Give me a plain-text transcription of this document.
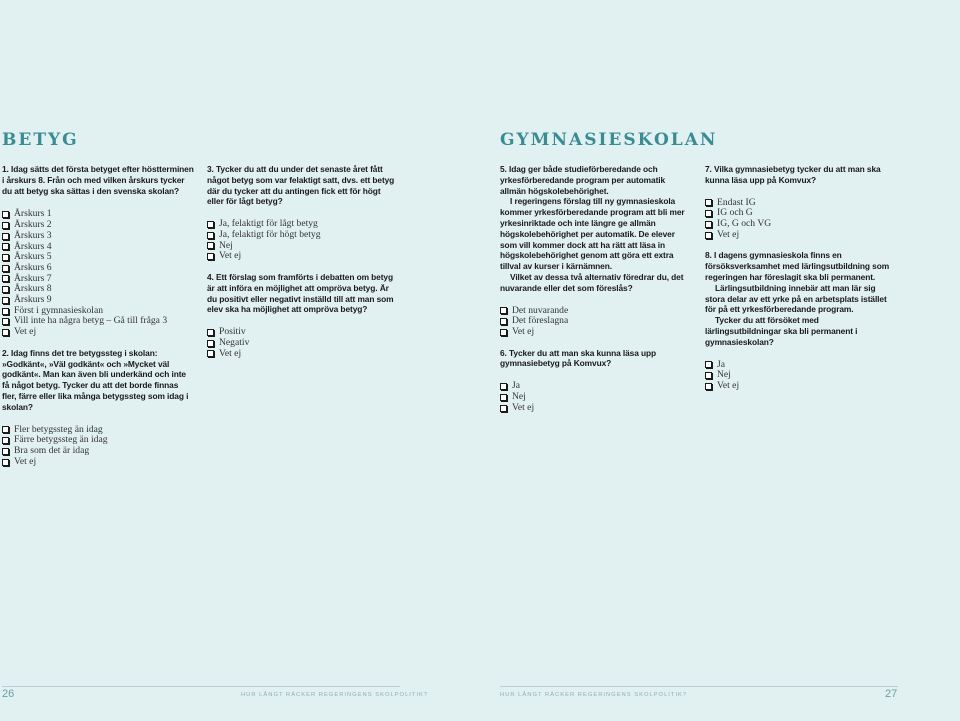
BETYG

1. Idag sätts det första betyget efter höstterminen i årskurs 8. Från och med vilken årskurs tycker du att betyg ska sättas i den svenska skolan?

Årskurs 1
Årskurs 2
Årskurs 3
Årskurs 4
Årskurs 5
Årskurs 6
Årskurs 7
Årskurs 8
Årskurs 9
Först i gymnasieskolan
Vill inte ha några betyg – Gå till fråga 3
Vet ej

2. Idag finns det tre betygssteg i skolan: »Godkänt«, »Väl godkänt« och »Mycket väl godkänt«. Man kan även bli underkänd och inte få något betyg. Tycker du att det borde finnas fler, färre eller lika många betygssteg som idag i skolan?

Fler betygssteg än idag
Färre betygssteg än idag
Bra som det är idag
Vet ej

3. Tycker du att du under det senaste året fått något betyg som var felaktigt satt, dvs. ett betyg där du tycker att du antingen fick ett för högt eller för lågt betyg?

Ja, felaktigt för lågt betyg
Ja, felaktigt för högt betyg
Nej
Vet ej

4. Ett förslag som framförts i debatten om betyg är att införa en möjlighet att ompröva betyg. Är du positivt eller negativt inställd till att man som elev ska ha möjlighet att ompröva betyg?

Positiv
Negativ
Vet ej
GYMNASIESKOLAN

5. Idag ger både studieförberedande och yrkesförberedande program per automatik allmän högskolebehörighet.

I regeringens förslag till ny gymnasieskola kommer yrkesförberedande program att bli mer yrkesinriktade och inte längre ge allmän högskolebehörighet per automatik. De elever som vill kommer dock att ha rätt att läsa in högskolebehörighet genom att göra ett extra tillval av kurser i kärnämnen.

Vilket av dessa två alternativ föredrar du, det nuvarande eller det som föreslås?

Det nuvarande
Det föreslagna
Vet ej

6. Tycker du att man ska kunna läsa upp gymnasiebetyg på Komvux?

Ja
Nej
Vet ej

7. Vilka gymnasiebetyg tycker du att man ska kunna läsa upp på Komvux?

Endast IG
IG och G
IG, G och VG
Vet ej

8. I dagens gymnasieskola finns en försöksverksamhet med lärlingsutbildning som regeringen har föreslagit ska bli permanent.

Lärlingsutbildning innebär att man lär sig stora delar av ett yrke på en arbetsplats istället för på ett yrkesförberedande program.

Tycker du att försöket med lärlingsutbildningar ska bli permanent i gymnasieskolan?

Ja
Nej
Vet ej
26	HUR LÅNGT RÄCKER REGERINGENS SKOLPOLITIK?	HUR LÅNGT RÄCKER REGERINGENS SKOLPOLITIK?	27
